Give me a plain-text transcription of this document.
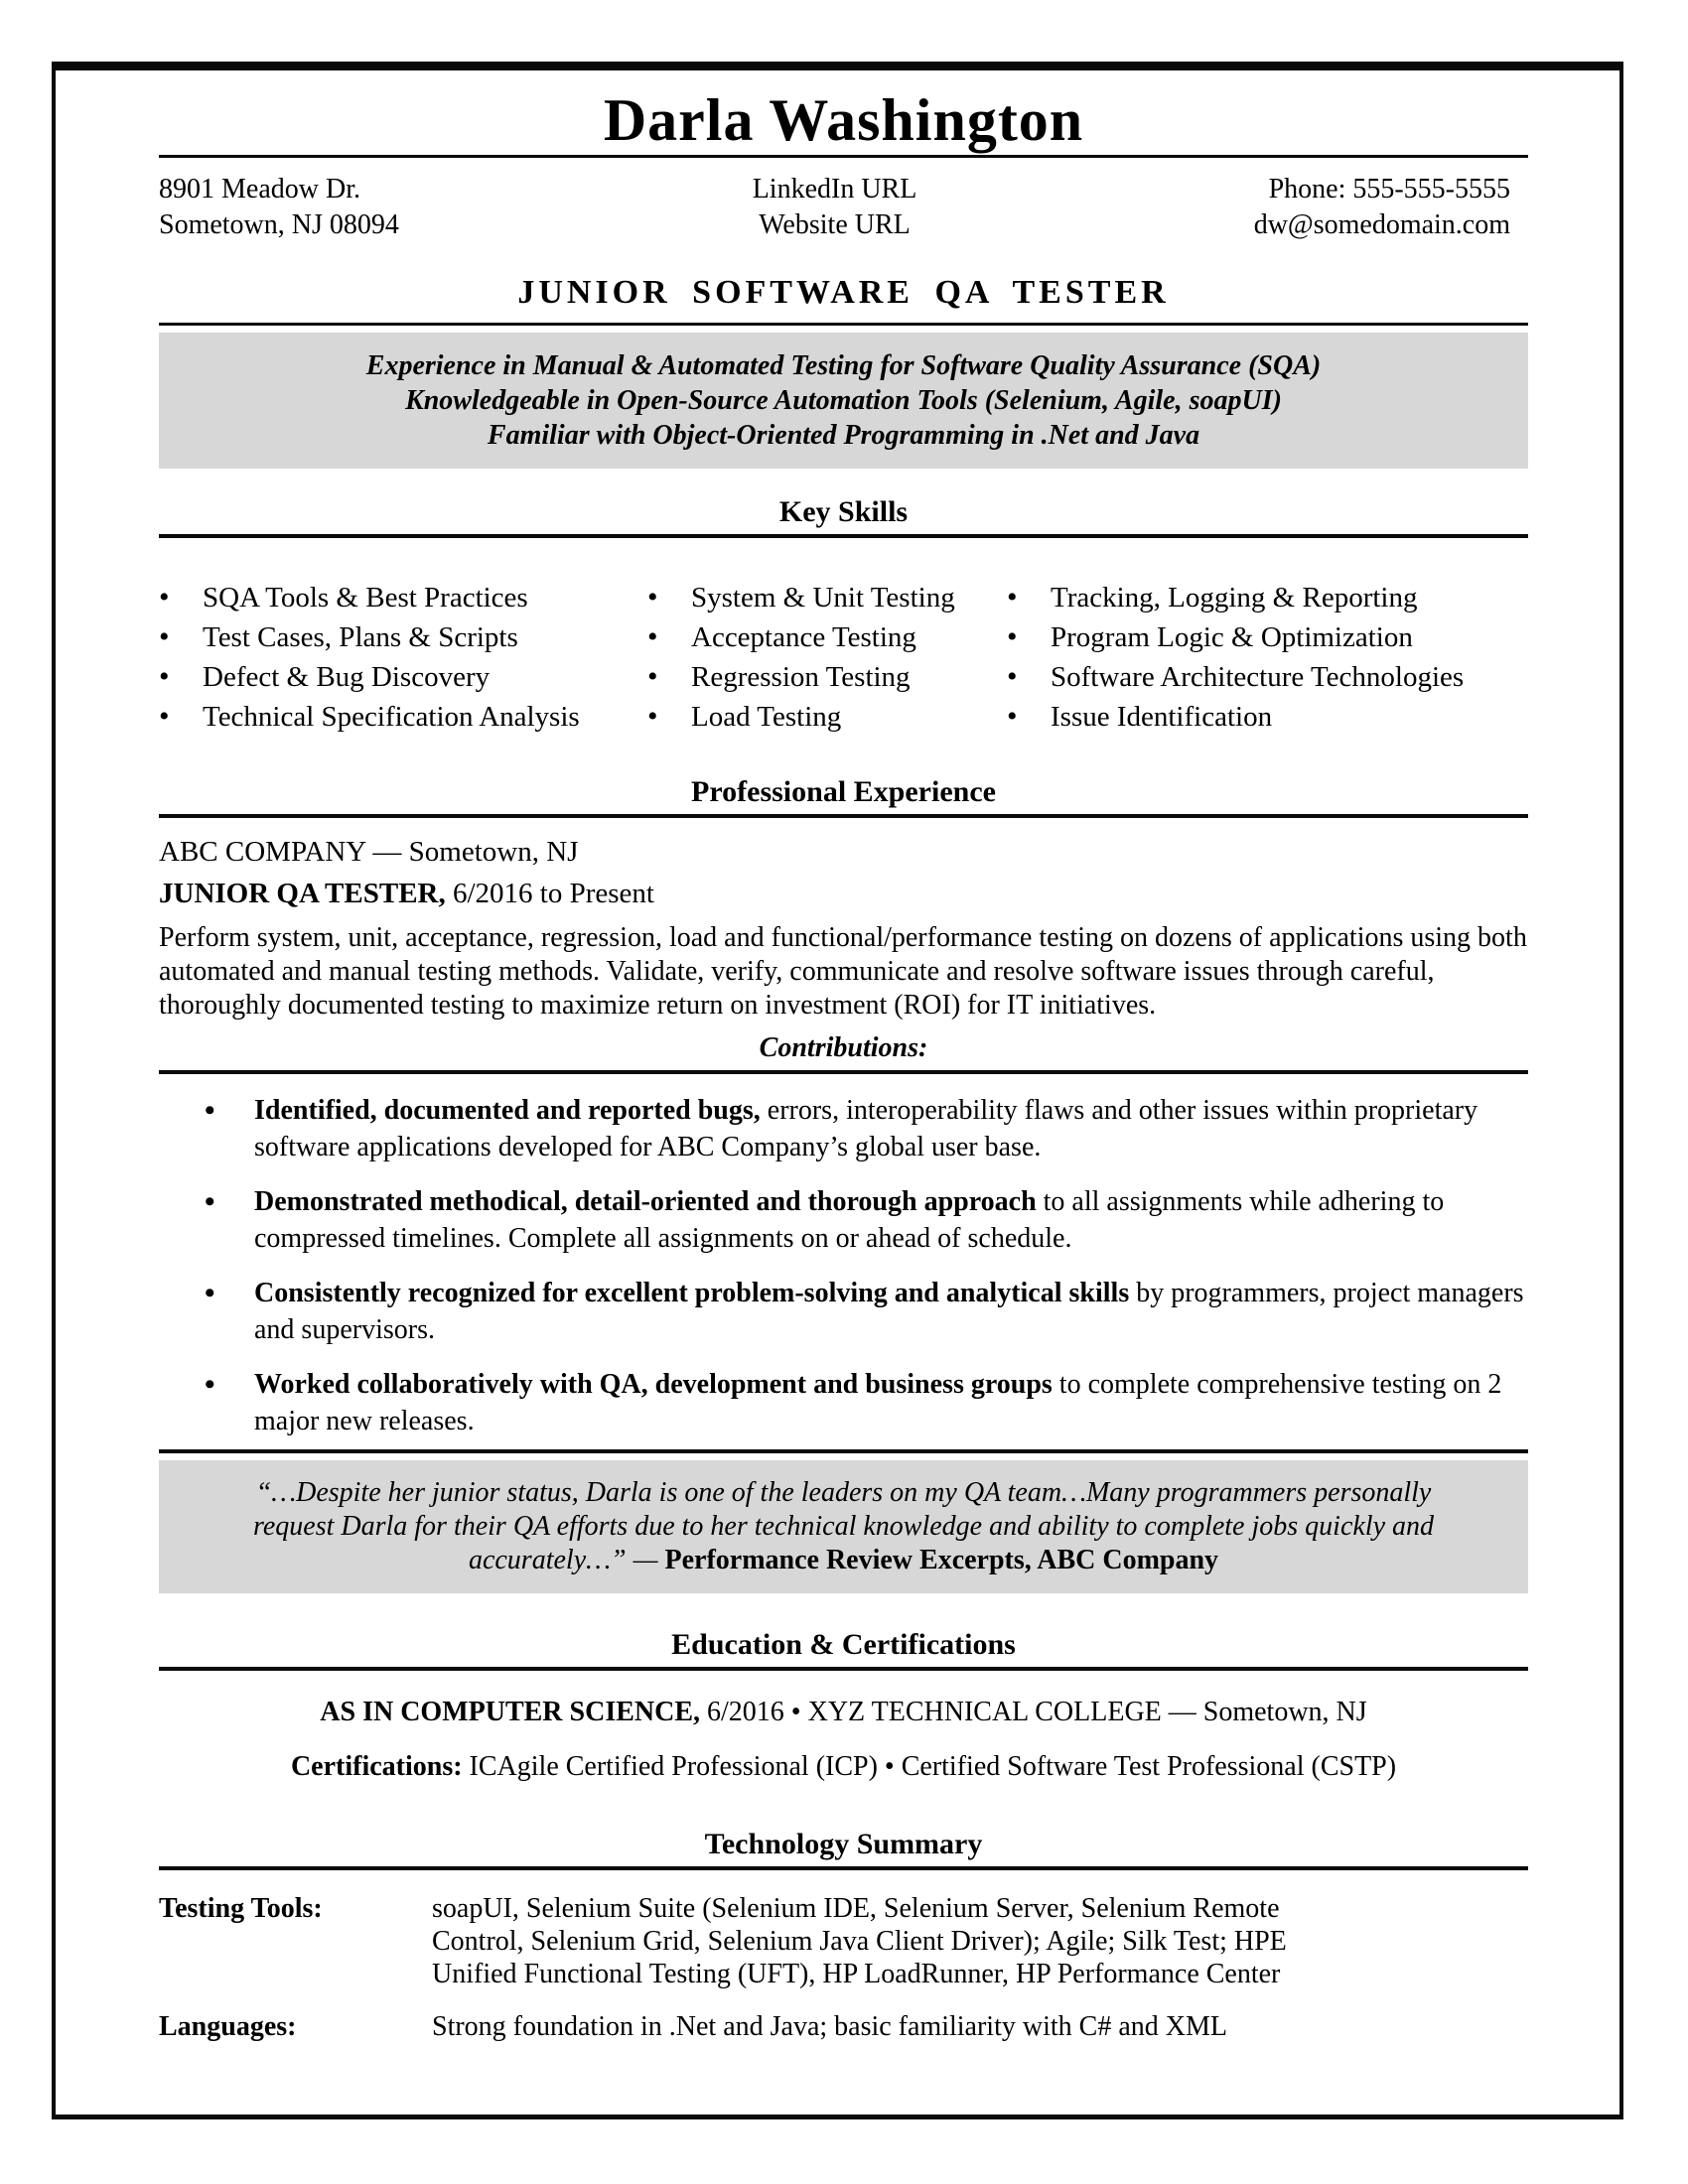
Darla Washington
8901 Meadow Dr.
Sometown, NJ 08094
LinkedIn URL
Website URL
Phone: 555-555-5555
dw@somedomain.com
JUNIOR SOFTWARE QA TESTER
Experience in Manual & Automated Testing for Software Quality Assurance (SQA)
Knowledgeable in Open-Source Automation Tools (Selenium, Agile, soapUI)
Familiar with Object-Oriented Programming in .Net and Java
Key Skills
•
SQA Tools & Best Practices
•
Test Cases, Plans & Scripts
•
Defect & Bug Discovery
•
Technical Specification Analysis
•
System & Unit Testing
•
Acceptance Testing
•
Regression Testing
•
Load Testing
•
Tracking, Logging & Reporting
•
Program Logic & Optimization
•
Software Architecture Technologies
•
Issue Identification
Professional Experience
ABC COMPANY — Sometown, NJ
JUNIOR QA TESTER, 6/2016 to Present

Perform system, unit, acceptance, regression, load and functional/performance testing on dozens of applications using both automated and manual testing methods. Validate, verify, communicate and resolve software issues through careful, thoroughly documented testing to maximize return on investment (ROI) for IT initiatives.

Contributions:
• Identified, documented and reported bugs, errors, interoperability flaws and other issues within proprietary software applications developed for ABC Company’s global user base.
• Demonstrated methodical, detail-oriented and thorough approach to all assignments while adhering to compressed timelines. Complete all assignments on or ahead of schedule.
• Consistently recognized for excellent problem-solving and analytical skills by programmers, project managers and supervisors.
• Worked collaboratively with QA, development and business groups to complete comprehensive testing on 2 major new releases.
“…Despite her junior status, Darla is one of the leaders on my QA team…Many programmers personally request Darla for their QA efforts due to her technical knowledge and ability to complete jobs quickly and accurately…” — Performance Review Excerpts, ABC Company
Education & Certifications
AS IN COMPUTER SCIENCE, 6/2016 • XYZ TECHNICAL COLLEGE — Sometown, NJ
Certifications: ICAgile Certified Professional (ICP) • Certified Software Test Professional (CSTP)
Technology Summary
Testing Tools:	soapUI, Selenium Suite (Selenium IDE, Selenium Server, Selenium Remote Control, Selenium Grid, Selenium Java Client Driver); Agile; Silk Test; HPE Unified Functional Testing (UFT), HP LoadRunner, HP Performance Center
Languages:	Strong foundation in .Net and Java; basic familiarity with C# and XML
